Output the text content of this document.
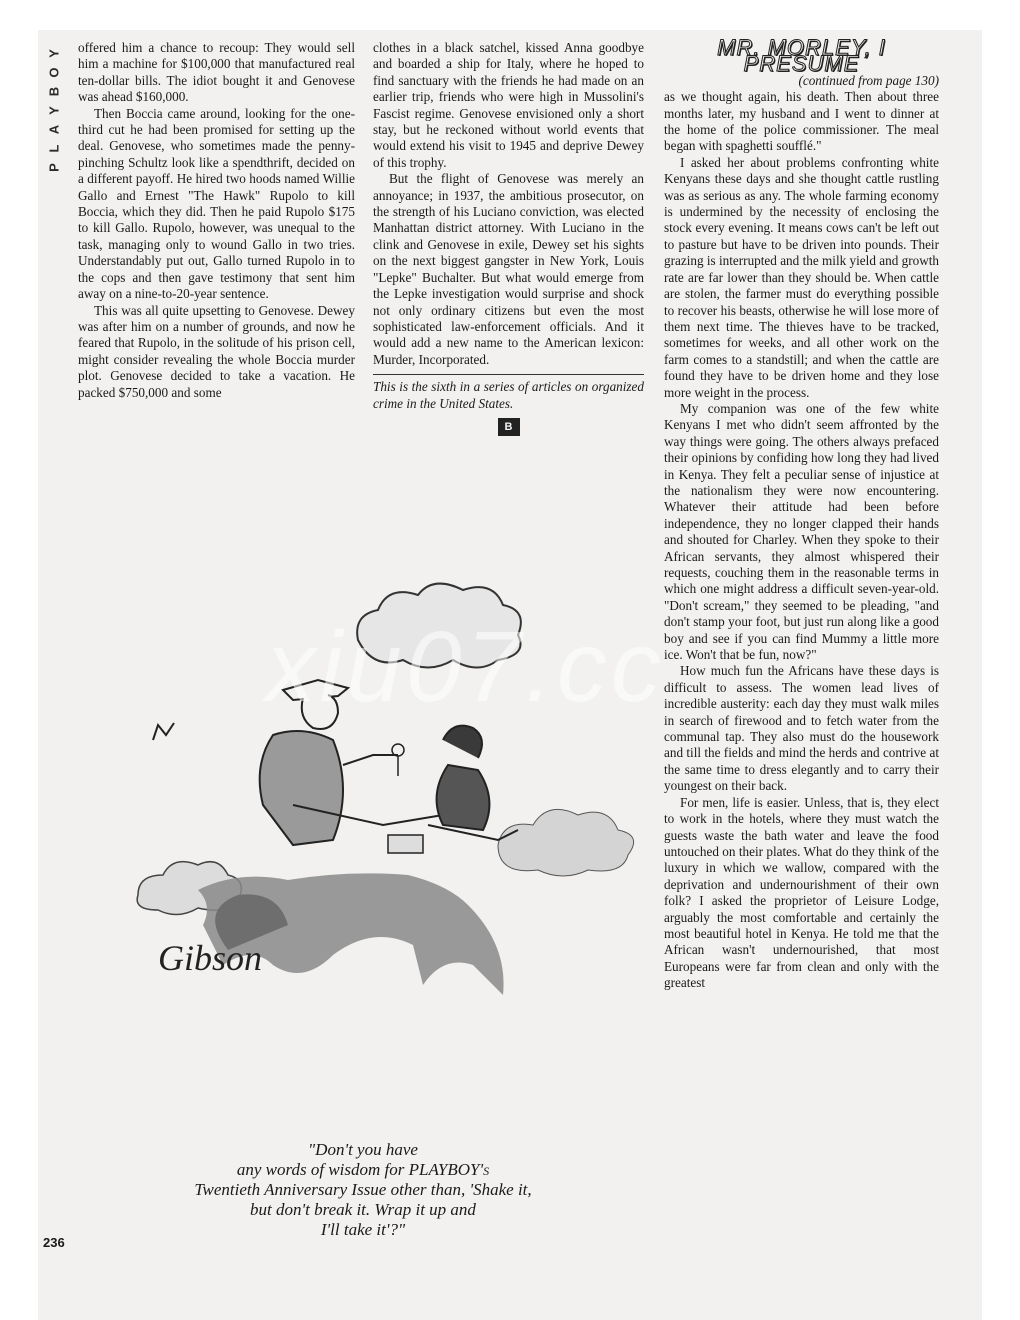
P
L
A
Y
B
O
Y offered him a chance to recoup: They would sell him a machine for $100,000 that manufactured real ten-dollar bills. The idiot bought it and Genovese was ahead $160,000.

Then Boccia came around, looking for the one-third cut he had been promised for setting up the deal. Genovese, who sometimes made the penny-pinching Schultz look like a spendthrift, decided on a different payoff. He hired two hoods named Willie Gallo and Ernest "The Hawk" Rupolo to kill Boccia, which they did. Then he paid Rupolo $175 to kill Gallo. Rupolo, however, was unequal to the task, managing only to wound Gallo in two tries. Understandably put out, Gallo turned Rupolo in to the cops and then gave testimony that sent him away on a nine-to-20-year sentence.

This was all quite upsetting to Genovese. Dewey was after him on a number of grounds, and now he feared that Rupolo, in the solitude of his prison cell, might consider revealing the whole Boccia murder plot. Genovese decided to take a vacation. He packed $750,000 and some

clothes in a black satchel, kissed Anna goodbye and boarded a ship for Italy, where he hoped to find sanctuary with the friends he had made on an earlier trip, friends who were high in Mussolini's Fascist regime. Genovese envisioned only a short stay, but he reckoned without world events that would extend his visit to 1945 and deprive Dewey of this trophy.

But the flight of Genovese was merely an annoyance; in 1937, the ambitious prosecutor, on the strength of his Luciano conviction, was elected Manhattan district attorney. With Luciano in the clink and Genovese in exile, Dewey set his sights on the next biggest gangster in New York, Louis "Lepke" Buchalter. But what would emerge from the Lepke investigation would surprise and shock not only ordinary citizens but even the most sophisticated law-enforcement officials. And it would add a new name to the American lexicon: Murder, Incorporated.

This is the sixth in a series of articles on organized crime in the United States.

B

MR. MORLEY, I PRESUME

(continued from page 130)

as we thought again, his death. Then about three months later, my husband and I went to dinner at the home of the police commissioner. The meal began with spaghetti soufflé."

I asked her about problems confronting white Kenyans these days and she thought cattle rustling was as serious as any. The whole farming economy is undermined by the necessity of enclosing the stock every evening. It means cows can't be left out to pasture but have to be driven into pounds. Their grazing is interrupted and the milk yield and growth rate are far lower than they should be. When cattle are stolen, the farmer must do everything possible to recover his beasts, otherwise he will lose more of them next time. The thieves have to be tracked, sometimes for weeks, and all other work on the farm comes to a standstill; and when the cattle are found they have to be driven home and they lose more weight in the process.

My companion was one of the few white Kenyans I met who didn't seem affronted by the way things were going. The others always prefaced their opinions by confiding how long they had lived in Kenya. They felt a peculiar sense of injustice at the nationalism they were now encountering. Whatever their attitude had been before independence, they no longer clapped their hands and shouted for Charley. When they spoke to their African servants, they almost whispered their requests, couching them in the reasonable terms in which one might address a difficult seven-year-old. "Don't scream," they seemed to be pleading, "and don't stamp your foot, but just run along like a good boy and see if you can find Mummy a little more ice. Won't that be fun, now?"

How much fun the Africans have these days is difficult to assess. The women lead lives of incredible austerity: each day they must walk miles in search of firewood and to fetch water from the communal tap. They also must do the housework and till the fields and mind the herds and contrive at the same time to dress elegantly and to carry their youngest on their back.

For men, life is easier. Unless, that is, they elect to work in the hotels, where they must watch the guests waste the bath water and leave the food untouched on their plates. What do they think of the luxury in which we wallow, compared with the deprivation and undernourishment of their own folk? I asked the proprietor of Leisure Lodge, arguably the most comfortable and certainly the most beautiful hotel in Kenya. He told me that the African wasn't undernourished, that most Europeans were far from clean and only with the greatest

Gibson
"Don't you have
any words of wisdom for PLAYBOY's
Twentieth Anniversary Issue other than, 'Shake it,
but don't break it. Wrap it up and
I'll take it'?"
236
xiu07.cc
